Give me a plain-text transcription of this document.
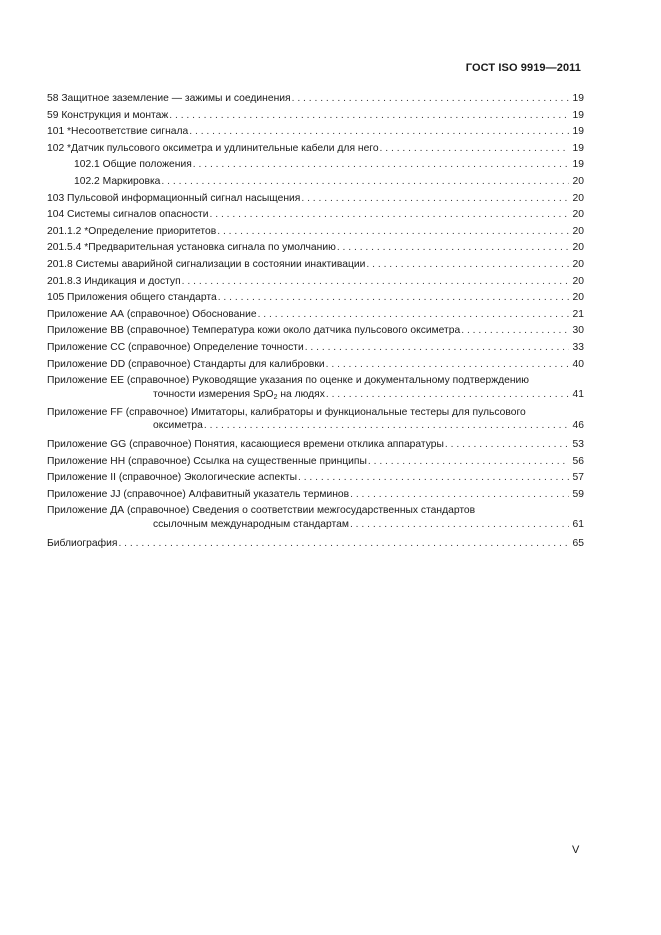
ГОСТ ISO 9919—2011
58 Защитное заземление — зажимы и соединения . . .	19
59 Конструкция и монтаж . . .	19
101 *Несоответствие сигнала . . .	19
102 *Датчик пульсового оксиметра и удлинительные кабели для него . . .	19
102.1 Общие положения . . .	19
102.2 Маркировка . . .	20
103 Пульсовой информационный сигнал насыщения . . .	20
104 Системы сигналов опасности . . .	20
201.1.2 *Определение приоритетов . . .	20
201.5.4 *Предварительная установка сигнала по умолчанию . . .	20
201.8 Системы аварийной сигнализации в состоянии инактивации . . .	20
201.8.3 Индикация и доступ . . .	20
105 Приложения общего стандарта . . .	20
Приложение АА (справочное) Обоснование . . .	21
Приложение ВВ (справочное) Температура кожи около датчика пульсового оксиметра . . .	30
Приложение СС (справочное) Определение точности . . .	33
Приложение DD (справочное) Стандарты для калибровки . . .	40
Приложение ЕЕ (справочное) Руководящие указания по оценке и документальному подтверждению
точности измерения SpO$_2$ на людях . . .	41
Приложение FF (справочное) Имитаторы, калибраторы и функциональные тестеры для пульсового
оксиметра . . .	46
Приложение GG (справочное) Понятия, касающиеся времени отклика аппаратуры . . .	53
Приложение НН (справочное) Ссылка на существенные принципы . . .	56
Приложение II (справочное) Экологические аспекты . . .	57
Приложение JJ (справочное) Алфавитный указатель терминов . . .	59
Приложение ДА (справочное) Сведения о соответствии межгосударственных стандартов
ссылочным международным стандартам . . .	61
Библиография . . .	65
V
